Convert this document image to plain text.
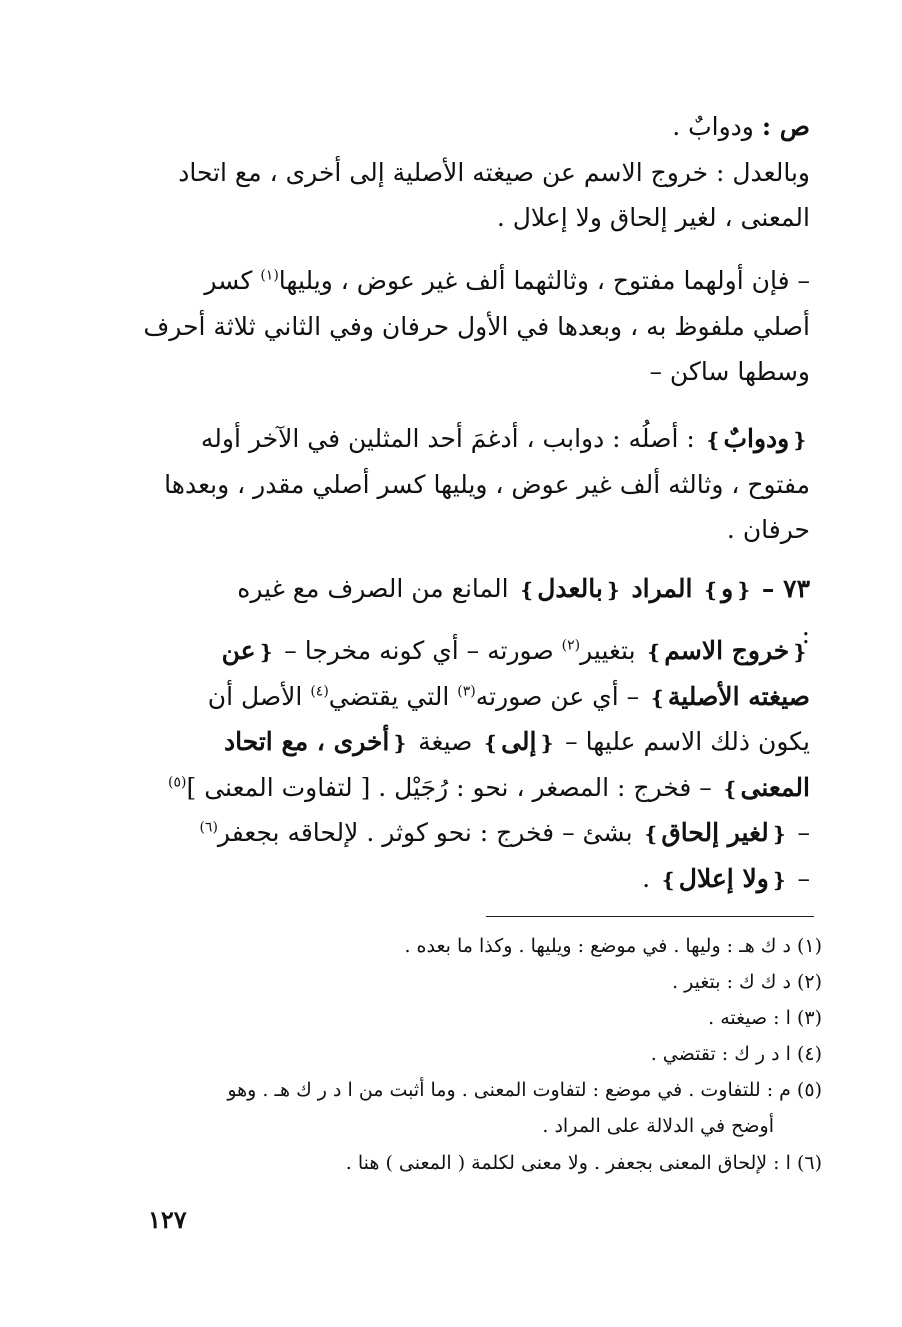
ص : ودوابٌ .
وبالعدل : خروج الاسم عن صيغته الأصلية إلى أخرى ، مع اتحاد
المعنى ، لغير إلحاق ولا إعلال .
– فإن أولهما مفتوح ، وثالثهما ألف غير عوض ، ويليها$^{(١)}$ كسر
أصلي ملفوظ به ، وبعدها في الأول حرفان وفي الثاني ثلاثة أحرف
وسطها ساكن –
❴ودوابٌ❵ : أصلُه : دوابب ، أدغمَ أحد المثلين في الآخر أوله
مفتوح ، وثالثه ألف غير عوض ، ويليها كسر أصلي مقدر ، وبعدها
حرفان .
٧٣ – ❴و❵ المراد ❴بالعدل❵ المانع من الصرف مع غيره
:
❴خروج الاسم❵ بتغيير$^{(٢)}$ صورته – أي كونه مخرجا – ❴عن
صيغته الأصلية❵ – أي عن صورته$^{(٣)}$ التي يقتضي$^{(٤)}$ الأصل أن
يكون ذلك الاسم عليها – ❴إلى❵ صيغة ❴أخرى ، مع اتحاد
المعنى❵ – فخرج : المصغر ، نحو : رُجَيْل . [ لتفاوت المعنى ]$^{(٥)}$
– ❴لغير إلحاق❵ بشئ – فخرج : نحو كوثر . لإلحاقه بجعفر$^{(٦)}$
– ❴ولا إعلال❵ .
(١) د ك هـ : وليها . في موضع : ويليها . وكذا ما بعده .
(٢) د ك ك : بتغير .
(٣) ا : صيغته .
(٤) ا د ر ك : تقتضي .
(٥) م : للتفاوت . في موضع : لتفاوت المعنى . وما أثبت من ا د ر ك هـ . وهو
أوضح في الدلالة على المراد .
(٦) ا : لإلحاق المعنى بجعفر . ولا معنى لكلمة ( المعنى ) هنا .
١٢٧
